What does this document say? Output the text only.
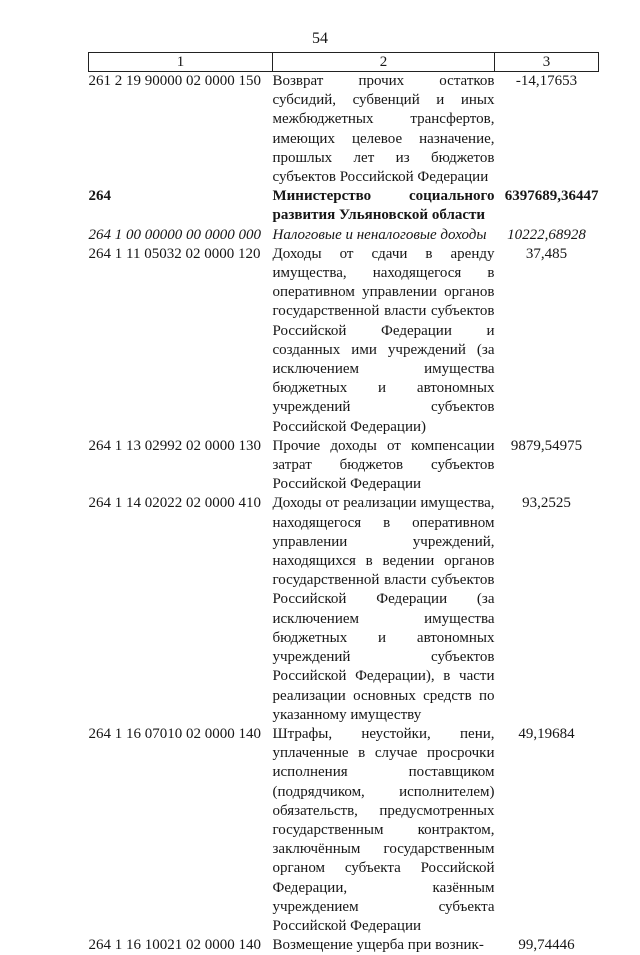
54
1	2	3
261 2 19 90000 02 0000 150	Возврат прочих остатков субсидий, субвенций и иных межбюджетных трансфертов, имеющих целевое назначение, прошлых лет из бюджетов субъектов Российской Федерации	-14,17653
264	Министерство социального развития Ульяновской области	6397689,36447
264 1 00 00000 00 0000 000	Налоговые и неналоговые доходы	10222,68928
264 1 11 05032 02 0000 120	Доходы от сдачи в аренду имущества, находящегося в оперативном управлении органов государственной власти субъектов Российской Федерации и созданных ими учреждений (за исключением имущества бюджетных и автономных учреждений субъектов Российской Федерации)	37,485
264 1 13 02992 02 0000 130	Прочие доходы от компенсации затрат бюджетов субъектов Российской Федерации	9879,54975
264 1 14 02022 02 0000 410	Доходы от реализации имущества, находящегося в оперативном управлении учреждений, находящихся в ведении органов государственной власти субъектов Российской Федерации (за исключением имущества бюджетных и автономных учреждений субъектов Российской Федерации), в части реализации основных средств по указанному имуществу	93,2525
264 1 16 07010 02 0000 140	Штрафы, неустойки, пени, уплаченные в случае просрочки исполнения поставщиком (подрядчиком, исполнителем) обязательств, предусмотренных государственным контрактом, заключённым государственным органом субъекта Российской Федерации, казённым учреждением субъекта Российской Федерации	49,19684
264 1 16 10021 02 0000 140	Возмещение ущерба при возник-	99,74446
